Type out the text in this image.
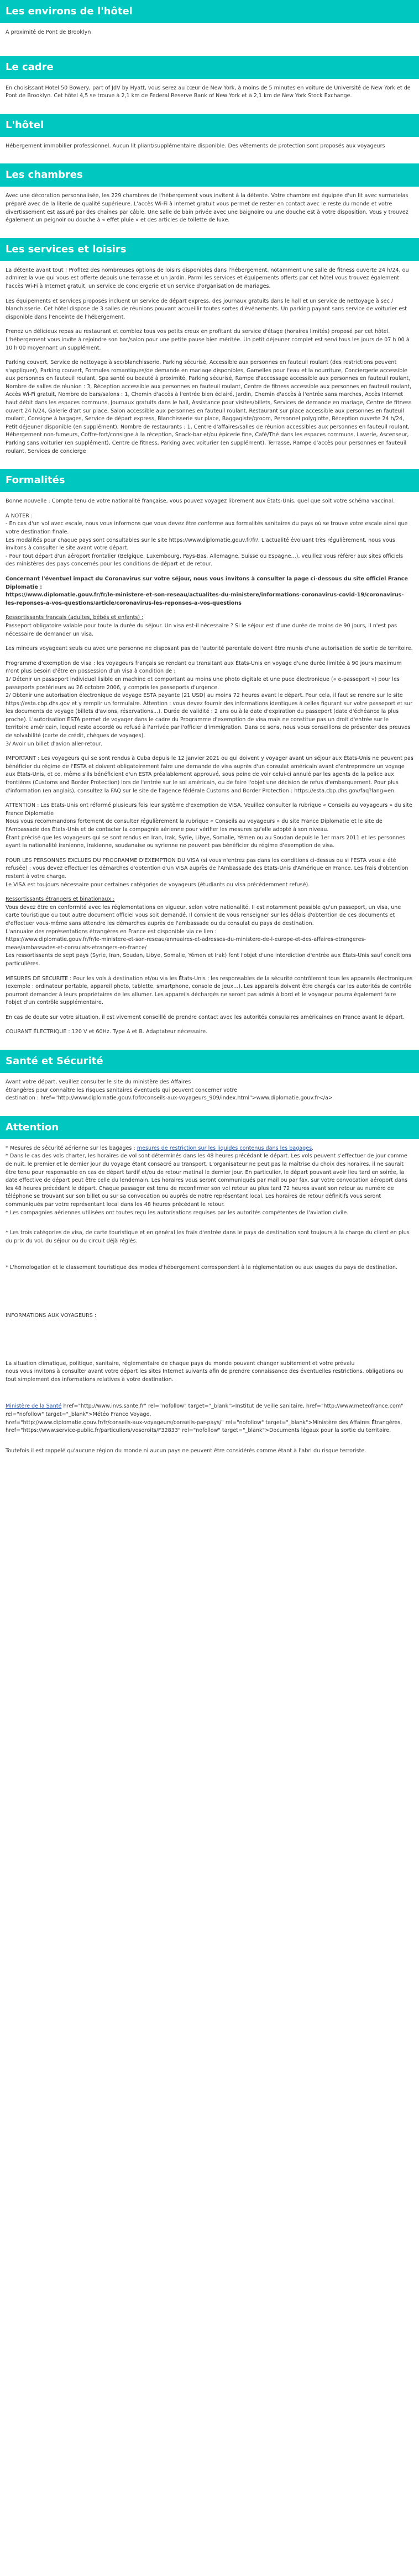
Les environs de l'hôtel

À proximité de Pont de Brooklyn

Le cadre

En choisissant Hotel 50 Bowery, part of JdV by Hyatt, vous serez au cœur de New York, à moins de 5 minutes en voiture de Université de New York et de Pont de Brooklyn. Cet hôtel 4,5 se trouve à 2,1 km de Federal Reserve Bank of New York et à 2,1 km de New York Stock Exchange.

L'hôtel

Hébergement immobilier professionnel. Aucun lit pliant/supplémentaire disponible. Des vêtements de protection sont proposés aux voyageurs

Les chambres

Avec une décoration personnalisée, les 229 chambres de l'hébergement vous invitent à la détente. Votre chambre est équipée d'un lit avec surmatelas préparé avec de la literie de qualité supérieure. L'accès Wi-Fi à Internet gratuit vous permet de rester en contact avec le reste du monde et votre divertissement est assuré par des chaînes par câble. Une salle de bain privée avec une baignoire ou une douche est à votre disposition. Vous y trouvez également un peignoir ou douche à « effet pluie » et des articles de toilette de luxe.

Les services et loisirs

La détente avant tout ! Profitez des nombreuses options de loisirs disponibles dans l'hébergement, notamment une salle de fitness ouverte 24 h/24, ou admirez la vue qui vous est offerte depuis une terrasse et un jardin. Parmi les services et équipements offerts par cet hôtel vous trouvez également l'accès Wi-Fi à Internet gratuit, un service de conciergerie et un service d'organisation de mariages.

Les équipements et services proposés incluent un service de départ express, des journaux gratuits dans le hall et un service de nettoyage à sec / blanchisserie. Cet hôtel dispose de 3 salles de réunions pouvant accueillir toutes sortes d'événements. Un parking payant sans service de voiturier est disponible dans l'enceinte de l'hébergement.

Prenez un délicieux repas au restaurant et comblez tous vos petits creux en profitant du service d'étage (horaires limités) proposé par cet hôtel. L'hébergement vous invite à rejoindre son bar/salon pour une petite pause bien méritée. Un petit déjeuner complet est servi tous les jours de 07 h 00 à 10 h 00 moyennant un supplément.

Parking couvert, Service de nettoyage à sec/blanchisserie, Parking sécurisé, Accessible aux personnes en fauteuil roulant (des restrictions peuvent s'appliquer), Parking couvert, Formules romantiques/de demande en mariage disponibles, Gamelles pour l'eau et la nourriture, Conciergerie accessible aux personnes en fauteuil roulant, Spa santé ou beauté à proximité, Parking sécurisé, Rampe d'accessage accessible aux personnes en fauteuil roulant, Nombre de salles de réunion : 3, Réception accessible aux personnes en fauteuil roulant, Centre de fitness accessible aux personnes en fauteuil roulant, Accès Wi-Fi gratuit, Nombre de bars/salons : 1, Chemin d'accès à l'entrée bien éclairé, Jardin, Chemin d'accès à l'entrée sans marches, Accès Internet haut débit dans les espaces communs, Journaux gratuits dans le hall, Assistance pour visites/billets, Services de demande en mariage, Centre de fitness ouvert 24 h/24, Galerie d'art sur place, Salon accessible aux personnes en fauteuil roulant, Restaurant sur place accessible aux personnes en fauteuil roulant, Consigne à bagages, Service de départ express, Blanchisserie sur place, Baggagiste/groom, Personnel polyglotte, Réception ouverte 24 h/24, Petit déjeuner disponible (en supplément), Nombre de restaurants : 1, Centre d'affaires/salles de réunion accessibles aux personnes en fauteuil roulant, Hébergement non-fumeurs, Coffre-fort/consigne à la réception, Snack-bar et/ou épicerie fine, Café/Thé dans les espaces communs, Laverie, Ascenseur, Parking sans voiturier (en supplément), Centre de fitness, Parking avec voiturier (en supplément), Terrasse, Rampe d'accès pour personnes en fauteuil roulant, Services de concierge

Formalités

Bonne nouvelle : Compte tenu de votre nationalité française, vous pouvez voyagez librement aux États-Unis, quel que soit votre schéma vaccinal.

A NOTER :

- En cas d'un vol avec escale, nous vous informons que vous devez être conforme aux formalités sanitaires du pays où se trouve votre escale ainsi que votre destination finale.
Les modalités pour chaque pays sont consultables sur le site https://www.diplomatie.gouv.fr/fr/. L'actualité évoluant très régulièrement, nous vous invitons à consulter le site avant votre départ.
- Pour tout départ d'un aéroport frontalier (Belgique, Luxembourg, Pays-Bas, Allemagne, Suisse ou Espagne...), veuillez vous référer aux sites officiels des ministères des pays concernés pour les conditions de départ et de retour.

Concernant l'éventuel impact du Coronavirus sur votre séjour, nous vous invitons à consulter la page ci-dessous du site officiel France Diplomatie :

https://www.diplomatie.gouv.fr/fr/le-ministere-et-son-reseau/actualites-du-ministere/informations-coronavirus-covid-19/coronavirus-les-reponses-a-vos-questions/article/coronavirus-les-reponses-a-vos-questions

Ressortissants français (adultes, bébés et enfants) :

Passeport obligatoire valable pour toute la durée du séjour. Un visa est-il nécessaire ? Si le séjour est d'une durée de moins de 90 jours, il n'est pas nécessaire de demander un visa.

Les mineurs voyageant seuls ou avec une personne ne disposant pas de l'autorité parentale doivent être munis d'une autorisation de sortie de territoire.

Programme d'exemption de visa : les voyageurs français se rendant ou transitant aux États-Unis en voyage d'une durée limitée à 90 jours maximum n'ont plus besoin d'être en possession d'un visa à condition de :
1/ Détenir un passeport individuel lisible en machine et comportant au moins une photo digitale et une puce électronique (« e-passeport ») pour les passeports postérieurs au 26 octobre 2006, y compris les passeports d'urgence.
2/ Obtenir une autorisation électronique de voyage ESTA payante (21 USD) au moins 72 heures avant le départ. Pour cela, il faut se rendre sur le site https://esta.cbp.dhs.gov et y remplir un formulaire. Attention : vous devez fournir des informations identiques à celles figurant sur votre passeport et sur les documents de voyage (billets d'avions, réservations...). Durée de validité : 2 ans ou à la date d'expiration du passeport (date d'échéance la plus proche). L'autorisation ESTA permet de voyager dans le cadre du Programme d'exemption de visa mais ne constitue pas un droit d'entrée sur le territoire américain, lequel reste accordé ou refusé à l'arrivée par l'officier d'immigration. Dans ce sens, nous vous conseillons de présenter des preuves de solvabilité (carte de crédit, chèques de voyages).
3/ Avoir un billet d'avion aller-retour.

IMPORTANT : Les voyageurs qui se sont rendus à Cuba depuis le 12 janvier 2021 ou qui doivent y voyager avant un séjour aux États-Unis ne peuvent pas bénéficier du régime de l'ESTA et doivent obligatoirement faire une demande de visa auprès d'un consulat américain avant d'entreprendre un voyage aux États-Unis, et ce, même s'ils bénéficient d'un ESTA préalablement approuvé, sous peine de voir celui-ci annulé par les agents de la police aux frontières (Customs and Border Protection) lors de l'entrée sur le sol américain, ou de faire l'objet une décision de refus d'embarquement. Pour plus d'information (en anglais), consultez la FAQ sur le site de l'agence fédérale Customs and Border Protection : https://esta.cbp.dhs.gov/faq?lang=en.

ATTENTION : Les États-Unis ont réformé plusieurs fois leur système d'exemption de VISA. Veuillez consulter la rubrique « Conseils au voyageurs » du site France Diplomatie
Nous vous recommandons fortement de consulter régulièrement la rubrique « Conseils au voyageurs » du site France Diplomatie et le site de l'Ambassade des États-Unis et de contacter la compagnie aérienne pour vérifier les mesures qu'elle adopté à son niveau.
Étant précisé que les voyageurs qui se sont rendus en Iran, Irak, Syrie, Libye, Somalie, Yémen ou au Soudan depuis le 1er mars 2011 et les personnes ayant la nationalité iranienne, irakienne, soudanaise ou syrienne ne peuvent pas bénéficier du régime d'exemption de visa.

POUR LES PERSONNES EXCLUES DU PROGRAMME D'EXEMPTION DU VISA (si vous n'entrez pas dans les conditions ci-dessus ou si l'ESTA vous a été refusée) : vous devez effectuer les démarches d'obtention d'un VISA auprès de l'Ambassade des États-Unis d'Amérique en France. Les frais d'obtention restent à votre charge.
Le VISA est toujours nécessaire pour certaines catégories de voyageurs (étudiants ou visa précédemment refusé).

Ressortissants étrangers et binationaux :

Vous devez être en conformité avec les réglementations en vigueur, selon votre nationalité. Il est notamment possible qu'un passeport, un visa, une carte touristique ou tout autre document officiel vous soit demandé. Il convient de vous renseigner sur les délais d'obtention de ces documents et d'effectuer vous-même sans attendre les démarches auprès de l'ambassade ou du consulat du pays de destination.
L'annuaire des représentations étrangères en France est disponible via ce lien :
https://www.diplomatie.gouv.fr/fr/le-ministere-et-son-reseau/annuaires-et-adresses-du-ministere-de-l-europe-et-des-affaires-etrangeres-meae/ambassades-et-consulats-etrangers-en-france/
Les ressortissants de sept pays (Syrie, Iran, Soudan, Libye, Somalie, Yémen et Irak) font l'objet d'une interdiction d'entrée aux États-Unis sauf conditions particulières.

MESURES DE SECURITE : Pour les vols à destination et/ou via les États-Unis : les responsables de la sécurité contrôleront tous les appareils électroniques (exemple : ordinateur portable, appareil photo, tablette, smartphone, console de jeux...). Les appareils doivent être chargés car les autorités de contrôle pourront demander à leurs propriétaires de les allumer. Les appareils déchargés ne seront pas admis à bord et le voyageur pourra également faire l'objet d'un contrôle supplémentaire.

En cas de doute sur votre situation, il est vivement conseillé de prendre contact avec les autorités consulaires américaines en France avant le départ.

COURANT ÉLECTRIQUE : 120 V et 60Hz. Type A et B. Adaptateur nécessaire.

Santé et Sécurité

Avant votre départ, veuillez consulter le site du ministère des Affaires
étrangères pour connaître les risques sanitaires éventuels qui peuvent concerner votre
destination : href="http://www.diplomatie.gouv.fr/fr/conseils-aux-voyageurs_909/index.html">www.diplomatie.gouv.fr</a>

Attention

* Mesures de sécurité aérienne sur les bagages : mesures de restriction sur les liquides contenus dans les bagages.
* Dans le cas des vols charter, les horaires de vol sont déterminés dans les 48 heures précédant le départ. Les vols peuvent s'effectuer de jour comme de nuit, le premier et le dernier jour du voyage étant consacré au transport. L'organisateur ne peut pas la maîtrise du choix des horaires, il ne saurait être tenu pour responsable en cas de départ tardif et/ou de retour matinal le dernier jour. En particulier, le départ pouvant avoir lieu tard en soirée, la date effective de départ peut être celle du lendemain. Les horaires vous seront communiqués par mail ou par fax, sur votre convocation aéroport dans les 48 heures précédant le départ. Chaque passager est tenu de reconfirmer son vol retour au plus tard 72 heures avant son retour au numéro de téléphone se trouvant sur son billet ou sur sa convocation ou auprès de notre représentant local. Les horaires de retour définitifs vous seront communiqués par votre représentant local dans les 48 heures précédant le retour.
* Les compagnies aériennes utilisées ont toutes reçu les autorisations requises par les autorités compétentes de l'aviation civile.

* Les trois catégories de visa, de carte touristique et en général les frais d'entrée dans le pays de destination sont toujours à la charge du client en plus du prix du vol, du séjour ou du circuit déjà réglés.

* L'homologation et le classement touristique des modes d'hébergement correspondent à la réglementation ou aux usages du pays de destination.

INFORMATIONS AUX VOYAGEURS :

La situation climatique, politique, sanitaire, réglementaire de chaque pays du monde pouvant changer subitement et votre prévalu
nous vous invitons à consulter avant votre départ les sites Internet suivants afin de prendre connaissance des éventuelles restrictions, obligations ou tout simplement des informations relatives à votre destination.

Ministère de la Santé href="http://www.invs.sante.fr" rel="nofollow" target="_blank">Institut de veille sanitaire, href="http://www.meteofrance.com" rel="nofollow" target="_blank">Météo France Voyage,
href="http://www.diplomatie.gouv.fr/fr/conseils-aux-voyageurs/conseils-par-pays/" rel="nofollow" target="_blank">Ministère des Affaires Étrangères, href="https://www.service-public.fr/particuliers/vosdroits/F32833" rel="nofollow" target="_blank">Documents légaux pour la sortie du territoire.

Toutefois il est rappelé qu'aucune région du monde ni aucun pays ne peuvent être considérés comme étant à l'abri du risque terroriste.
